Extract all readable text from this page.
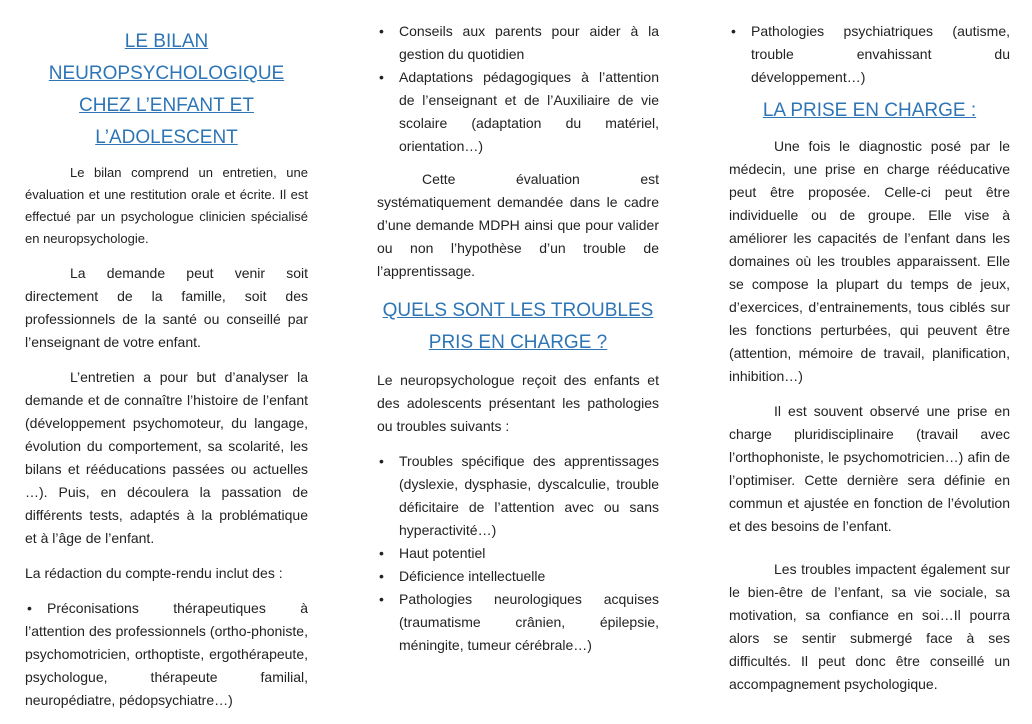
LE BILAN NEUROPSYCHOLOGIQUE CHEZ L’ENFANT ET L’ADOLESCENT

Le bilan comprend un entretien, une évaluation et une restitution orale et écrite. Il est effectué par un psychologue clinicien spécialisé en neuropsychologie.

La demande peut venir soit directement de la famille, soit des professionnels de la santé ou conseillé par l’enseignant de votre enfant.

L’entretien a pour but d’analyser la demande et de connaître l’histoire de l’enfant (développement psychomoteur, du langage, évolution du comportement, sa scolarité, les bilans et rééducations passées ou actuelles …). Puis, en découlera la passation de différents tests, adaptés à la problématique et à l’âge de l’enfant.

La rédaction du compte-rendu inclut des :

• Préconisations thérapeutiques à l’attention des professionnels (ortho-phoniste, psychomotricien, orthoptiste, ergothérapeute, psychologue, thérapeute familial, neuropédiatre, pédopsychiatre…)
• Conseils aux parents pour aider à la gestion du quotidien
• Adaptations pédagogiques à l’attention de l’enseignant et de l’Auxiliaire de vie scolaire (adaptation du matériel, orientation…)

Cette évaluation est systématiquement demandée dans le cadre d’une demande MDPH ainsi que pour valider ou non l’hypothèse d’un trouble de l’apprentissage.

QUELS SONT LES TROUBLES PRIS EN CHARGE ?

Le neuropsychologue reçoit des enfants et des adolescents présentant les pathologies ou troubles suivants :

• Troubles spécifique des apprentissages (dyslexie, dysphasie, dyscalculie, trouble déficitaire de l’attention avec ou sans hyperactivité…)
• Haut potentiel
• Déficience intellectuelle
• Pathologies neurologiques acquises (traumatisme crânien, épilepsie, méningite, tumeur cérébrale…)
• Pathologies psychiatriques (autisme, trouble envahissant du développement…)
LA PRISE EN CHARGE :

Une fois le diagnostic posé par le médecin, une prise en charge rééducative peut être proposée. Celle-ci peut être individuelle ou de groupe. Elle vise à améliorer les capacités de l’enfant dans les domaines où les troubles apparaissent. Elle se compose la plupart du temps de jeux, d’exercices, d’entrainements, tous ciblés sur les fonctions perturbées, qui peuvent être (attention, mémoire de travail, planification, inhibition…)

Il est souvent observé une prise en charge pluridisciplinaire (travail avec l’orthophoniste, le psychomotricien…) afin de l’optimiser. Cette dernière sera définie en commun et ajustée en fonction de l’évolution et des besoins de l’enfant.

Les troubles impactent également sur le bien-être de l’enfant, sa vie sociale, sa motivation, sa confiance en soi…Il pourra alors se sentir submergé face à ses difficultés. Il peut donc être conseillé un accompagnement psychologique.
